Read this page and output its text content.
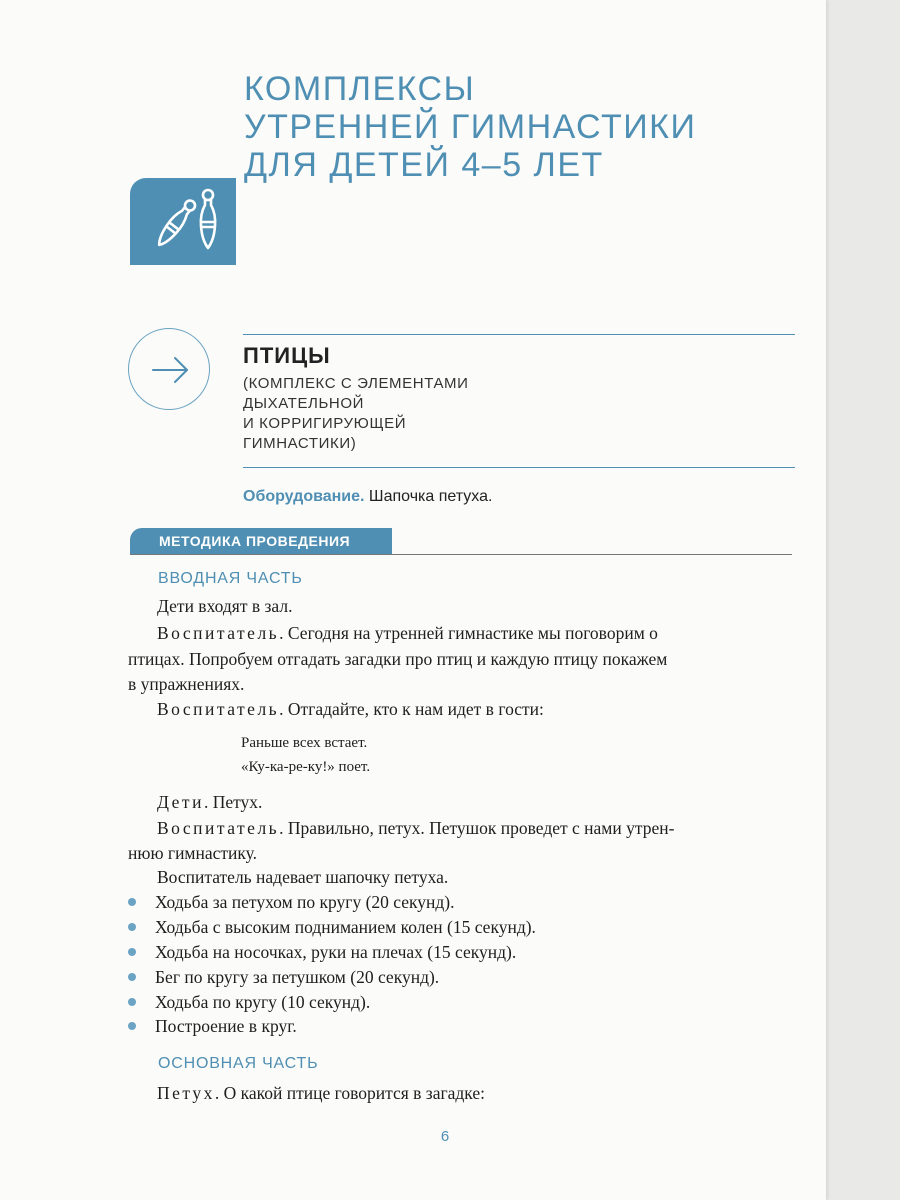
КОМПЛЕКСЫ
УТРЕННЕЙ ГИМНАСТИКИ
ДЛЯ ДЕТЕЙ 4–5 ЛЕТ
ПТИЦЫ
(КОМПЛЕКС С ЭЛЕМЕНТАМИ
ДЫХАТЕЛЬНОЙ
И КОРРИГИРУЮЩЕЙ
ГИМНАСТИКИ)
Оборудование. Шапочка петуха.
МЕТОДИКА ПРОВЕДЕНИЯ
ВВОДНАЯ ЧАСТЬ
Дети входят в зал.
Воспитатель. Сегодня на утренней гимнастике мы поговорим о
птицах. Попробуем отгадать загадки про птиц и каждую птицу покажем
в упражнениях.
Воспитатель. Отгадайте, кто к нам идет в гости:
Раньше всех встает.
«Ку-ка-ре-ку!» поет.
Дети. Петух.
Воспитатель. Правильно, петух. Петушок проведет с нами утрен-
нюю гимнастику.
Воспитатель надевает шапочку петуха.
Ходьба за петухом по кругу (20 секунд).
Ходьба с высоким подниманием колен (15 секунд).
Ходьба на носочках, руки на плечах (15 секунд).
Бег по кругу за петушком (20 секунд).
Ходьба по кругу (10 секунд).
Построение в круг.
ОСНОВНАЯ ЧАСТЬ
Петух. О какой птице говорится в загадке:
6
